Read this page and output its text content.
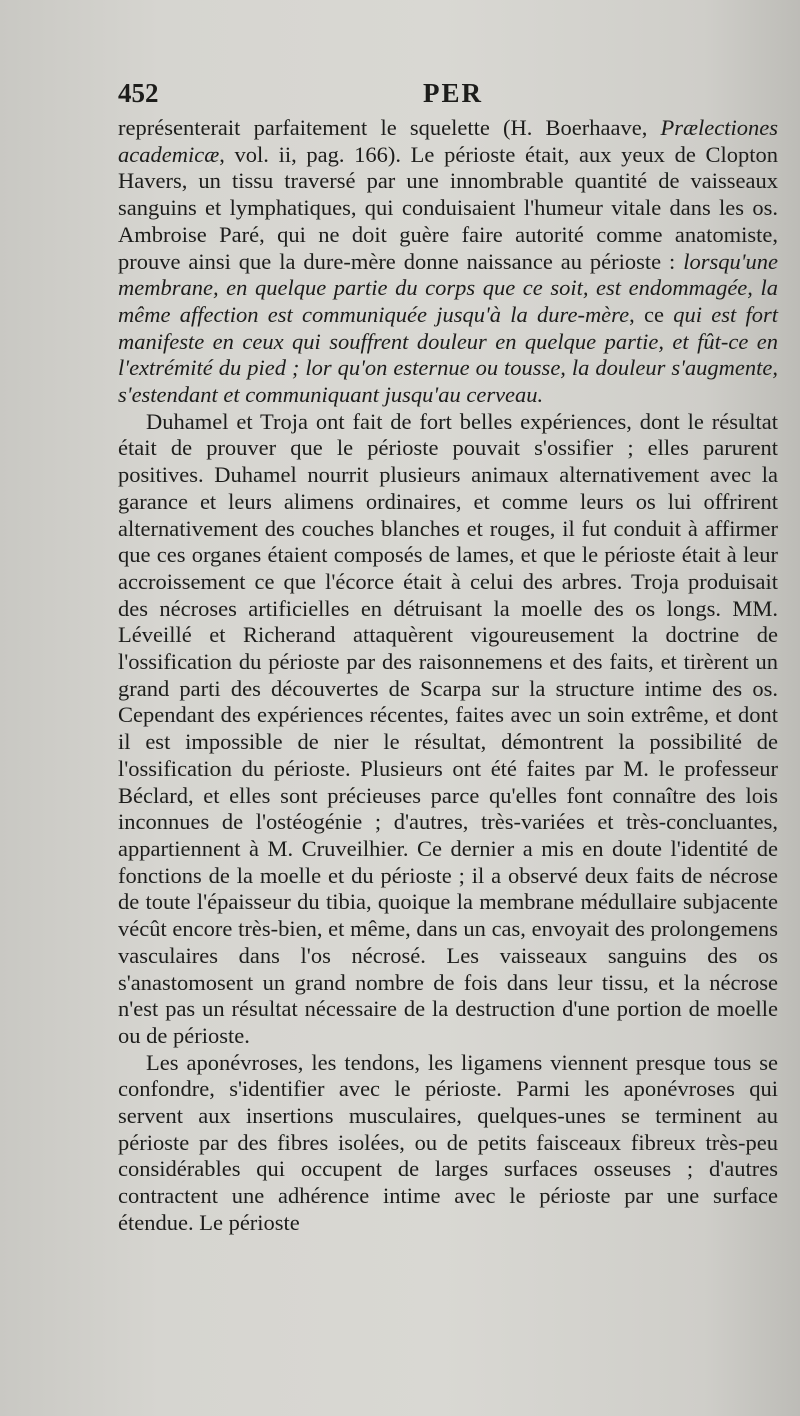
452	PER

représenterait parfaitement le squelette (H. Boerhaave, Prælectiones academicæ, vol. ii, pag. 166). Le périoste était, aux yeux de Clopton Havers, un tissu traversé par une innombrable quantité de vaisseaux sanguins et lymphatiques, qui conduisaient l'humeur vitale dans les os. Ambroise Paré, qui ne doit guère faire autorité comme anatomiste, prouve ainsi que la dure-mère donne naissance au périoste : lorsqu'une membrane, en quelque partie du corps que ce soit, est endommagée, la même affection est communiquée jusqu'à la dure-mère, ce qui est fort manifeste en ceux qui souffrent douleur en quelque partie, et fût-ce en l'extrémité du pied ; lor qu'on esternue ou tousse, la douleur s'augmente, s'estendant et communiquant jusqu'au cerveau.

Duhamel et Troja ont fait de fort belles expériences, dont le résultat était de prouver que le périoste pouvait s'ossifier ; elles parurent positives. Duhamel nourrit plusieurs animaux alternativement avec la garance et leurs alimens ordinaires, et comme leurs os lui offrirent alternativement des couches blanches et rouges, il fut conduit à affirmer que ces organes étaient composés de lames, et que le périoste était à leur accroissement ce que l'écorce était à celui des arbres. Troja produisait des nécroses artificielles en détruisant la moelle des os longs. MM. Léveillé et Richerand attaquèrent vigoureusement la doctrine de l'ossification du périoste par des raisonnemens et des faits, et tirèrent un grand parti des découvertes de Scarpa sur la structure intime des os. Cependant des expériences récentes, faites avec un soin extrême, et dont il est impossible de nier le résultat, démontrent la possibilité de l'ossification du périoste. Plusieurs ont été faites par M. le professeur Béclard, et elles sont précieuses parce qu'elles font connaître des lois inconnues de l'ostéogénie ; d'autres, très-variées et très-concluantes, appartiennent à M. Cruveilhier. Ce dernier a mis en doute l'identité de fonctions de la moelle et du périoste ; il a observé deux faits de nécrose de toute l'épaisseur du tibia, quoique la membrane médullaire subjacente vécût encore très-bien, et même, dans un cas, envoyait des prolongemens vasculaires dans l'os nécrosé. Les vaisseaux sanguins des os s'anastomosent un grand nombre de fois dans leur tissu, et la nécrose n'est pas un résultat nécessaire de la destruction d'une portion de moelle ou de périoste.

Les aponévroses, les tendons, les ligamens viennent presque tous se confondre, s'identifier avec le périoste. Parmi les aponévroses qui servent aux insertions musculaires, quelques-unes se terminent au périoste par des fibres isolées, ou de petits faisceaux fibreux très-peu considérables qui occupent de larges surfaces osseuses ; d'autres contractent une adhérence intime avec le périoste par une surface étendue. Le périoste
